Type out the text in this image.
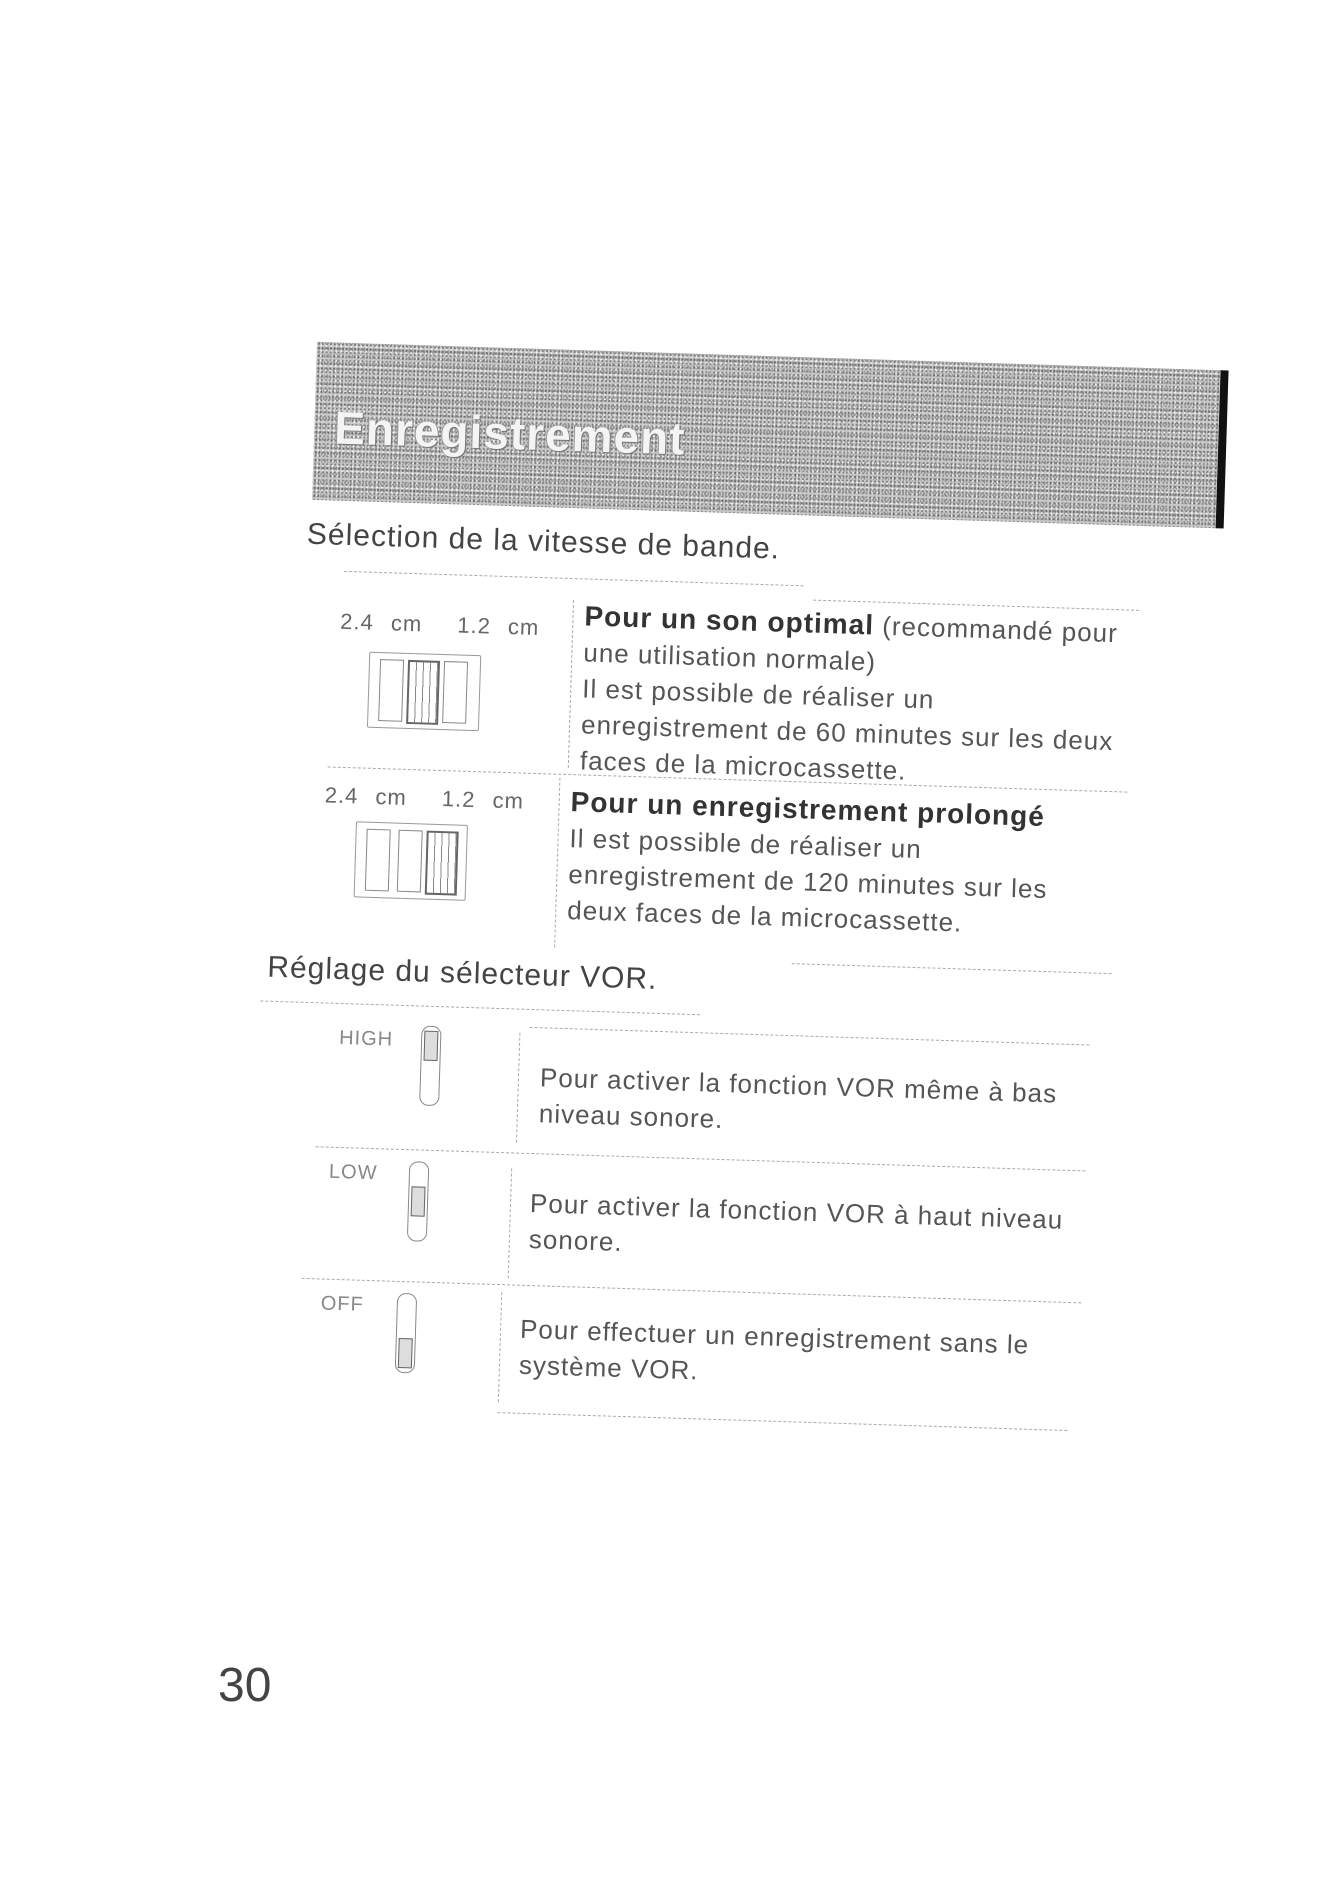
Enregistrement
Sélection de la vitesse de bande.
2.4 cm 1.2 cm Pour un son optimal (recommandé pour une utilisation normale)
Il est possible de réaliser un enregistrement de 60 minutes sur les deux faces de la microcassette.
2.4 cm 1.2 cm Pour un enregistrement prolongé
Il est possible de réaliser un enregistrement de 120 minutes sur les deux faces de la microcassette.
Réglage du sélecteur VOR.
HIGH
Pour activer la fonction VOR même à bas niveau sonore.
LOW
Pour activer la fonction VOR à haut niveau sonore.
OFF
Pour effectuer un enregistrement sans le système VOR.
30
